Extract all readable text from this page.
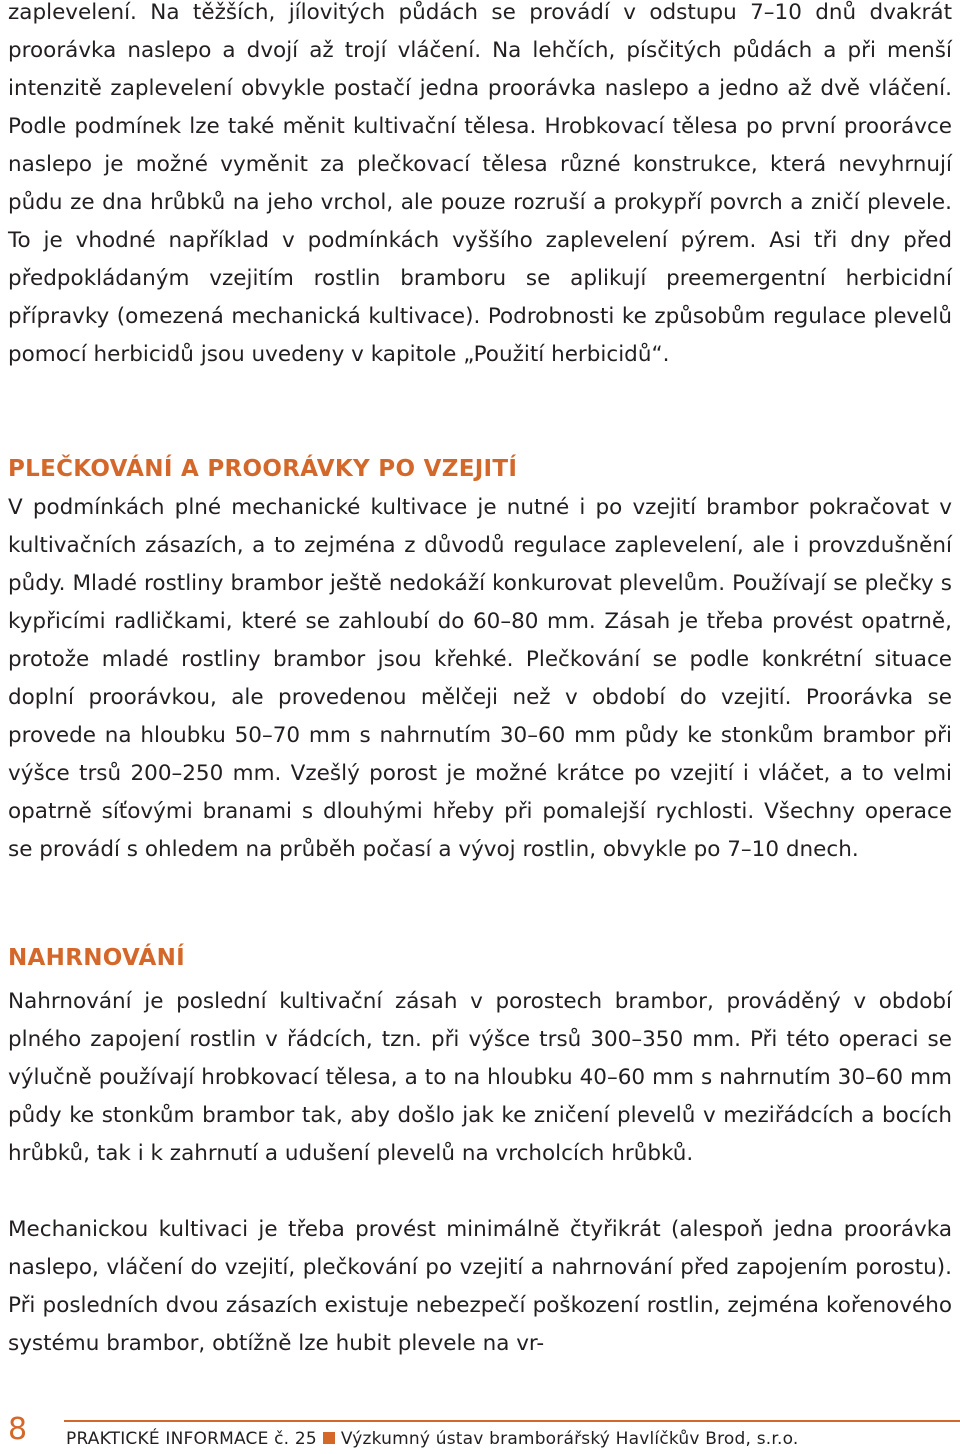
zaplevelení. Na těžších, jílovitých půdách se provádí v odstupu 7–10 dnů dvakrát proorávka naslepo a dvojí až trojí vláčení. Na lehčích, písčitých půdách a při menší intenzitě zaplevelení obvykle postačí jedna proorávka naslepo a jedno až dvě vláčení. Podle podmínek lze také měnit kultivační tělesa. Hrobkovací tělesa po první proorávce naslepo je možné vyměnit za plečkovací tělesa různé konstrukce, která nevyhrnují půdu ze dna hrůbků na jeho vrchol, ale pouze rozruší a prokypří povrch a zničí plevele. To je vhodné například v podmínkách vyššího zaplevelení pýrem. Asi tři dny před předpokládaným vzejitím rostlin bramboru se aplikují preemergentní herbicidní přípravky (omezená mechanická kultivace). Podrobnosti ke způsobům regulace plevelů pomocí herbicidů jsou uvedeny v kapitole „Použití herbicidů“.

PLEČKOVÁNÍ A PROORÁVKY PO VZEJITÍ

V podmínkách plné mechanické kultivace je nutné i po vzejití brambor pokračovat v kultivačních zásazích, a to zejména z důvodů regulace zaplevelení, ale i provzdušnění půdy. Mladé rostliny brambor ještě nedokáží konkurovat plevelům. Používají se plečky s kypřicími radličkami, které se zahloubí do 60–80 mm. Zásah je třeba provést opatrně, protože mladé rostliny brambor jsou křehké. Plečkování se podle konkrétní situace doplní proorávkou, ale provedenou mělčeji než v období do vzejití. Proorávka se provede na hloubku 50–70 mm s nahrnutím 30–60 mm půdy ke stonkům brambor při výšce trsů 200–250 mm. Vzešlý porost je možné krátce po vzejití i vláčet, a to velmi opatrně síťovými branami s dlouhými hřeby při pomalejší rychlosti. Všechny operace se provádí s ohledem na průběh počasí a vývoj rostlin, obvykle po 7–10 dnech.

NAHRNOVÁNÍ

Nahrnování je poslední kultivační zásah v porostech brambor, prováděný v období plného zapojení rostlin v řádcích, tzn. při výšce trsů 300–350 mm. Při této operaci se výlučně používají hrobkovací tělesa, a to na hloubku 40–60 mm s nahrnutím 30–60 mm půdy ke stonkům brambor tak, aby došlo jak ke zničení plevelů v meziřádcích a bocích hrůbků, tak i k zahrnutí a udušení plevelů na vrcholcích hrůbků.

Mechanickou kultivaci je třeba provést minimálně čtyřikrát (alespoň jedna proorávka naslepo, vláčení do vzejití, plečkování po vzejití a nahrnování před zapojením porostu). Při posledních dvou zásazích existuje nebezpečí poškození rostlin, zejména kořenového systému brambor, obtížně lze hubit plevele na vr-

8 PRAKTICKÉ INFORMACE č. 25 Výzkumný ústav bramborářský Havlíčkův Brod, s.r.o.
